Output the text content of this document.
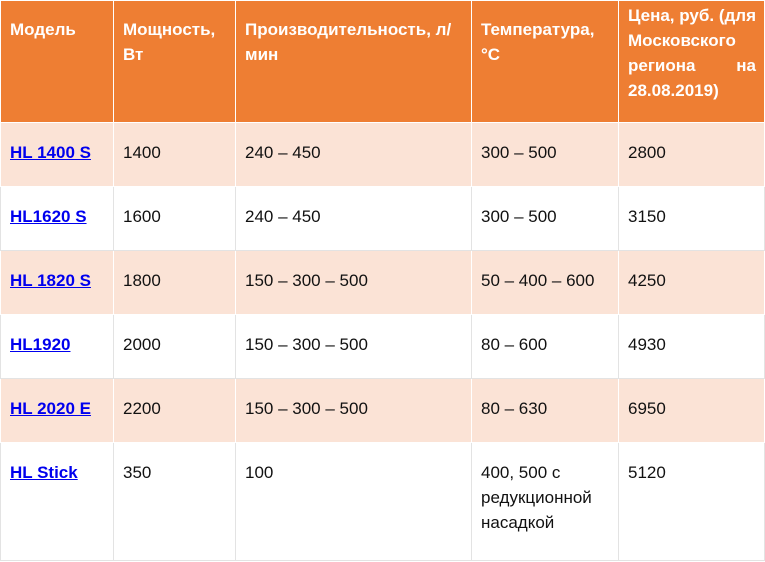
Модель	Мощность, Вт	Производительность, л/мин	Температура, °С	Цена, руб. (для Московского региона на 28.08.2019)
HL 1400 S	1400	240 – 450	300 – 500	2800
HL1620 S	1600	240 – 450	300 – 500	3150
HL 1820 S	1800	150 – 300 – 500	50 – 400 – 600	4250
HL1920	2000	150 – 300 – 500	80 – 600	4930
HL 2020 E	2200	150 – 300 – 500	80 – 630	6950
HL Stick	350	100	400, 500 с редукционной насадкой	5120
